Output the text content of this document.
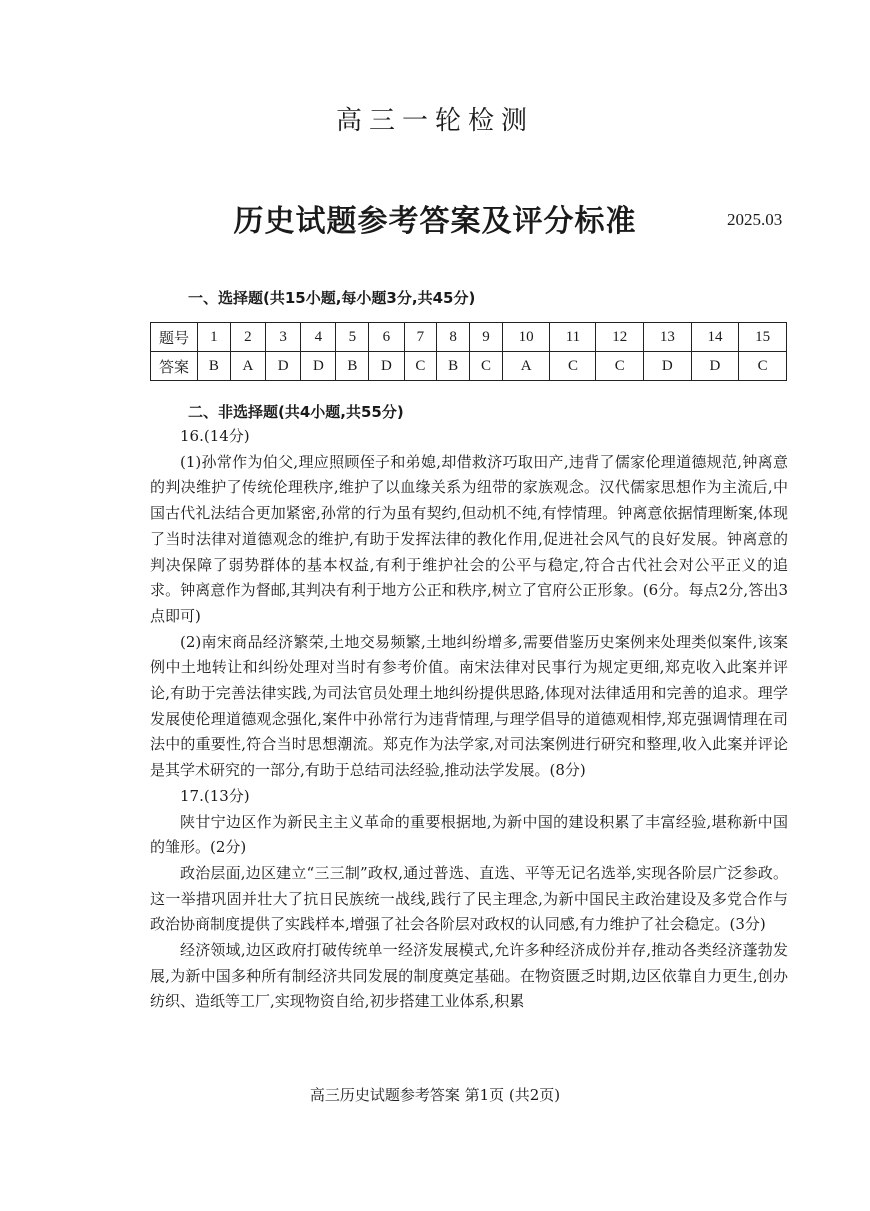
高三一轮检测
历史试题参考答案及评分标准	2025.03
一、选择题(共15小题,每小题3分,共45分)
题号	1	2	3	4	5	6	7	8	9	10	11	12	13	14	15
答案	B	A	D	D	B	D	C	B	C	A	C	C	D	D	C
二、非选择题(共4小题,共55分)

16.(14分)

(1)孙常作为伯父,理应照顾侄子和弟媳,却借救济巧取田产,违背了儒家伦理道德规范,钟离意的判决维护了传统伦理秩序,维护了以血缘关系为纽带的家族观念。汉代儒家思想作为主流后,中国古代礼法结合更加紧密,孙常的行为虽有契约,但动机不纯,有悖情理。钟离意依据情理断案,体现了当时法律对道德观念的维护,有助于发挥法律的教化作用,促进社会风气的良好发展。钟离意的判决保障了弱势群体的基本权益,有利于维护社会的公平与稳定,符合古代社会对公平正义的追求。钟离意作为督邮,其判决有利于地方公正和秩序,树立了官府公正形象。(6分。每点2分,答出3点即可)

(2)南宋商品经济繁荣,土地交易频繁,土地纠纷增多,需要借鉴历史案例来处理类似案件,该案例中土地转让和纠纷处理对当时有参考价值。南宋法律对民事行为规定更细,郑克收入此案并评论,有助于完善法律实践,为司法官员处理土地纠纷提供思路,体现对法律适用和完善的追求。理学发展使伦理道德观念强化,案件中孙常行为违背情理,与理学倡导的道德观相悖,郑克强调情理在司法中的重要性,符合当时思想潮流。郑克作为法学家,对司法案例进行研究和整理,收入此案并评论是其学术研究的一部分,有助于总结司法经验,推动法学发展。(8分)

17.(13分)

陕甘宁边区作为新民主主义革命的重要根据地,为新中国的建设积累了丰富经验,堪称新中国的雏形。(2分)

政治层面,边区建立“三三制”政权,通过普选、直选、平等无记名选举,实现各阶层广泛参政。这一举措巩固并壮大了抗日民族统一战线,践行了民主理念,为新中国民主政治建设及多党合作与政治协商制度提供了实践样本,增强了社会各阶层对政权的认同感,有力维护了社会稳定。(3分)

经济领域,边区政府打破传统单一经济发展模式,允许多种经济成份并存,推动各类经济蓬勃发展,为新中国多种所有制经济共同发展的制度奠定基础。在物资匮乏时期,边区依靠自力更生,创办纺织、造纸等工厂,实现物资自给,初步搭建工业体系,积累

高三历史试题参考答案 第1页 (共2页)
